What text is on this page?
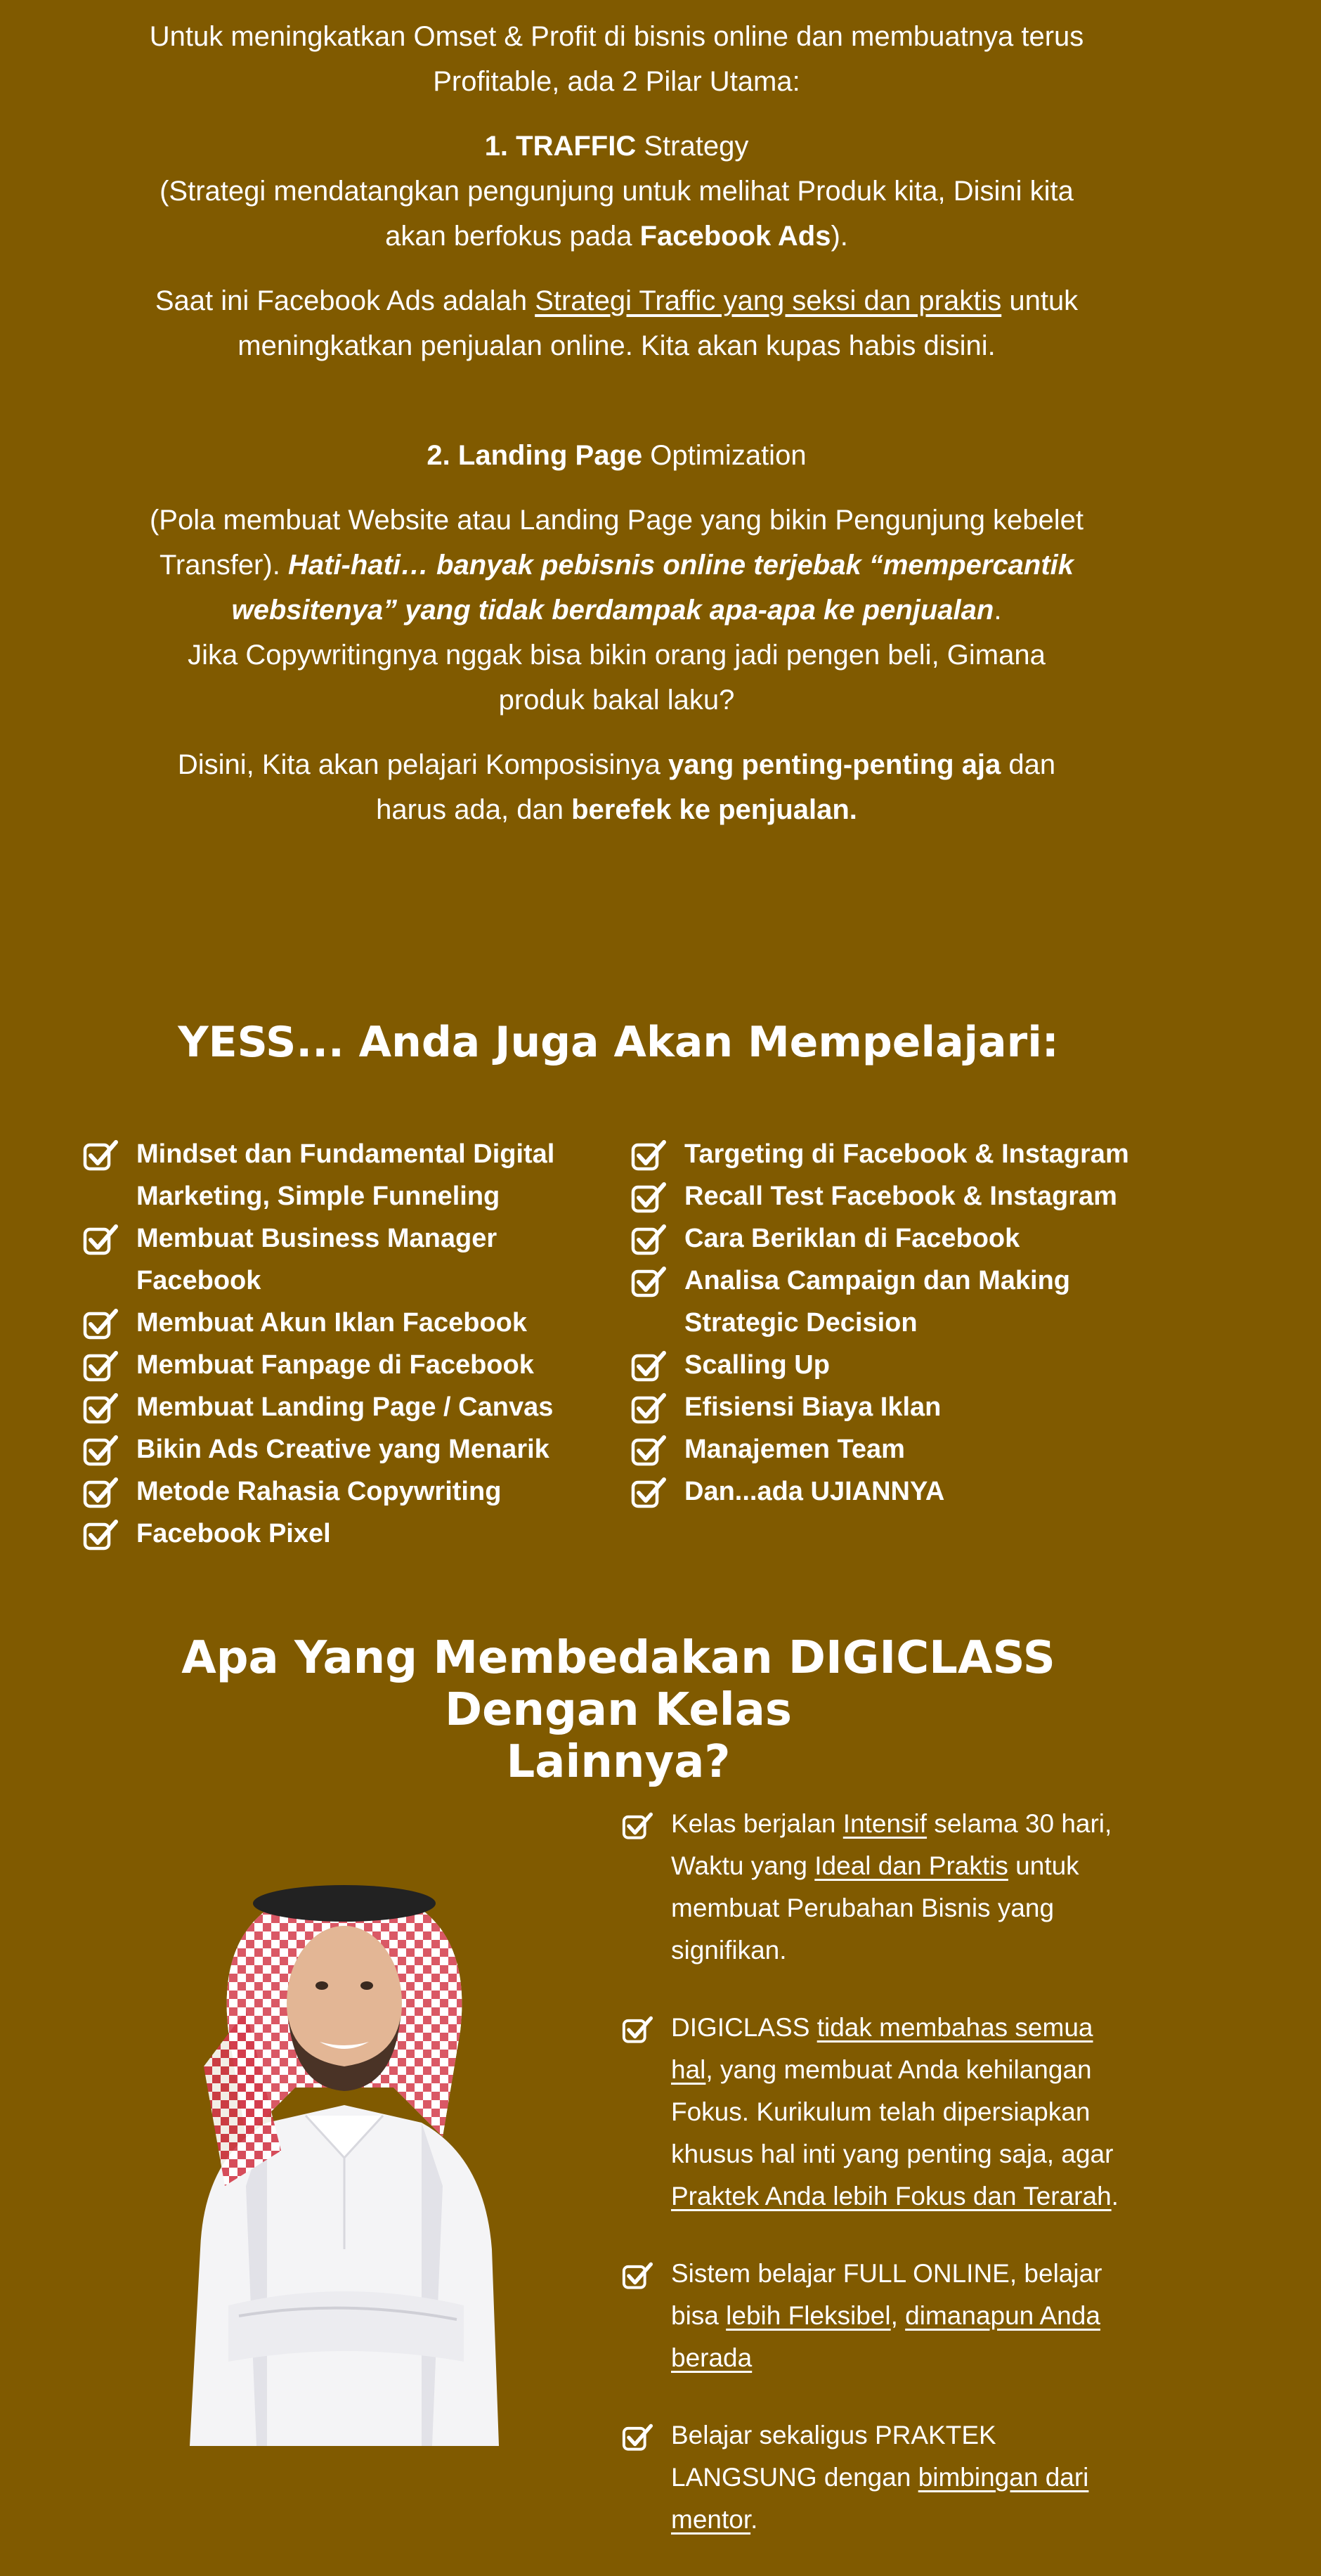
Untuk meningkatkan Omset & Profit di bisnis online dan membuatnya terus

Profitable, ada 2 Pilar Utama:

1. TRAFFIC Strategy

(Strategi mendatangkan pengunjung untuk melihat Produk kita, Disini kita

akan berfokus pada Facebook Ads).

Saat ini Facebook Ads adalah Strategi Traffic yang seksi dan praktis untuk

meningkatkan penjualan online. Kita akan kupas habis disini.

2. Landing Page Optimization

(Pola membuat Website atau Landing Page yang bikin Pengunjung kebelet

Transfer). Hati-hati… banyak pebisnis online terjebak “mempercantik

websitenya” yang tidak berdampak apa-apa ke penjualan.

Jika Copywritingnya nggak bisa bikin orang jadi pengen beli, Gimana

produk bakal laku?

Disini, Kita akan pelajari Komposisinya yang penting-penting aja dan

harus ada, dan berefek ke penjualan.

YESS... Anda Juga Akan Mempelajari:
Mindset dan Fundamental Digital Marketing, Simple Funneling
Membuat Business Manager Facebook
Membuat Akun Iklan Facebook
Membuat Fanpage di Facebook
Membuat Landing Page / Canvas
Bikin Ads Creative yang Menarik
Metode Rahasia Copywriting
Facebook Pixel
Targeting di Facebook & Instagram
Recall Test Facebook & Instagram
Cara Beriklan di Facebook
Analisa Campaign dan Making Strategic Decision
Scalling Up
Efisiensi Biaya Iklan
Manajemen Team
Dan...ada UJIANNYA
Apa Yang Membedakan DIGICLASS Dengan Kelas
Lainnya?
Kelas berjalan Intensif selama 30 hari, Waktu yang Ideal dan Praktis untuk membuat Perubahan Bisnis yang signifikan.
DIGICLASS tidak membahas semua hal, yang membuat Anda kehilangan Fokus. Kurikulum telah dipersiapkan khusus hal inti yang penting saja, agar Praktek Anda lebih Fokus dan Terarah.
Sistem belajar FULL ONLINE, belajar bisa lebih Fleksibel, dimanapun Anda berada
Belajar sekaligus PRAKTEK LANGSUNG dengan bimbingan dari mentor.
